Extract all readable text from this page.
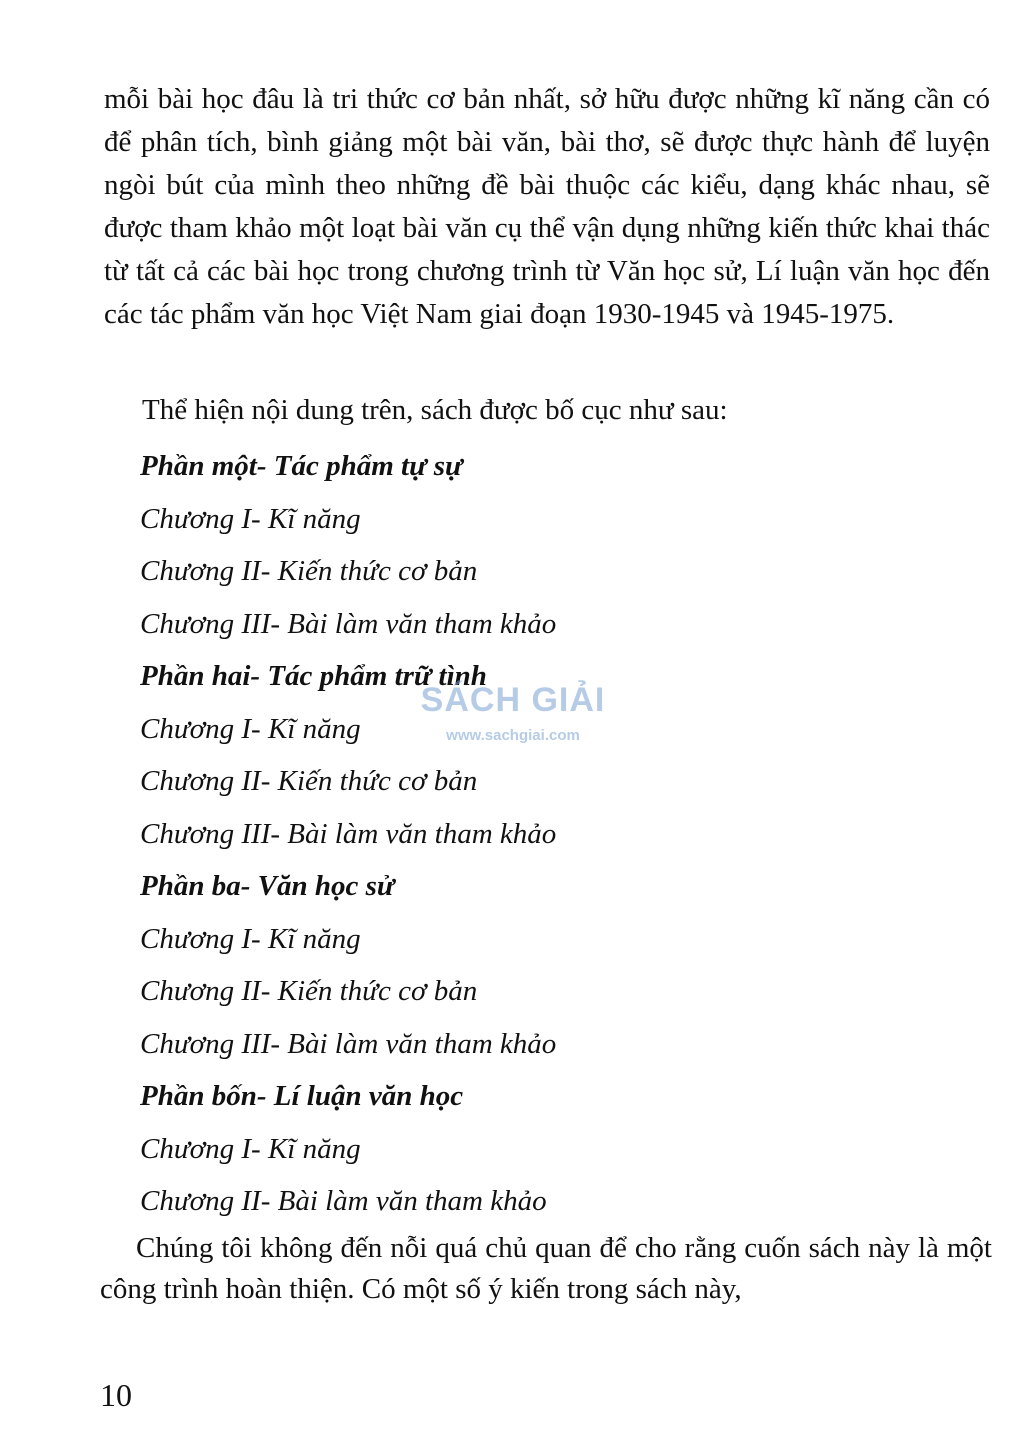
mỗi bài học đâu là tri thức cơ bản nhất, sở hữu được những kĩ năng cần có để phân tích, bình giảng một bài văn, bài thơ, sẽ được thực hành để luyện ngòi bút của mình theo những đề bài thuộc các kiểu, dạng khác nhau, sẽ được tham khảo một loạt bài văn cụ thể vận dụng những kiến thức khai thác từ tất cả các bài học trong chương trình từ Văn học sử, Lí luận văn học đến các tác phẩm văn học Việt Nam giai đoạn 1930-1945 và 1945-1975.

Thể hiện nội dung trên, sách được bố cục như sau:

Phần một- Tác phẩm tự sự
Chương I- Kĩ năng
Chương II- Kiến thức cơ bản
Chương III- Bài làm văn tham khảo
Phần hai- Tác phẩm trữ tình
Chương I- Kĩ năng
Chương II- Kiến thức cơ bản
Chương III- Bài làm văn tham khảo
Phần ba- Văn học sử
Chương I- Kĩ năng
Chương II- Kiến thức cơ bản
Chương III- Bài làm văn tham khảo
Phần bốn- Lí luận văn học
Chương I- Kĩ năng
Chương II- Bài làm văn tham khảo

Chúng tôi không đến nỗi quá chủ quan để cho rằng cuốn sách này là một công trình hoàn thiện. Có một số ý kiến trong sách này,

10

SÁCH GIẢI
www.sachgiai.com
